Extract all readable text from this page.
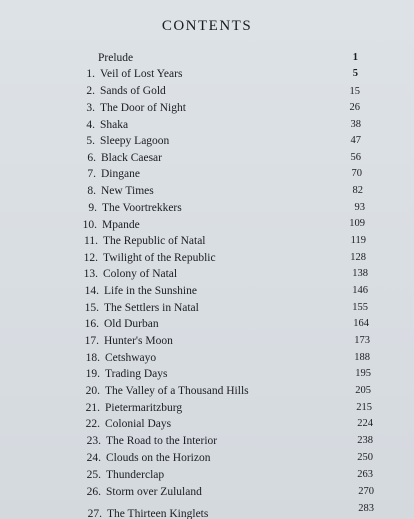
CONTENTS
Prelude	1
1. Veil of Lost Years	5
2. Sands of Gold	15
3. The Door of Night	26
4. Shaka	38
5. Sleepy Lagoon	47
6. Black Caesar	56
7. Dingane	70
8. New Times	82
9. The Voortrekkers	93
10. Mpande	109
11. The Republic of Natal	119
12. Twilight of the Republic	128
13. Colony of Natal	138
14. Life in the Sunshine	146
15. The Settlers in Natal	155
16. Old Durban	164
17. Hunter's Moon	173
18. Cetshwayo	188
19. Trading Days	195
20. The Valley of a Thousand Hills	205
21. Pietermaritzburg	215
22. Colonial Days	224
23. The Road to the Interior	238
24. Clouds on the Horizon	250
25. Thunderclap	263
26. Storm over Zululand	270
27. The Thirteen Kinglets	283
